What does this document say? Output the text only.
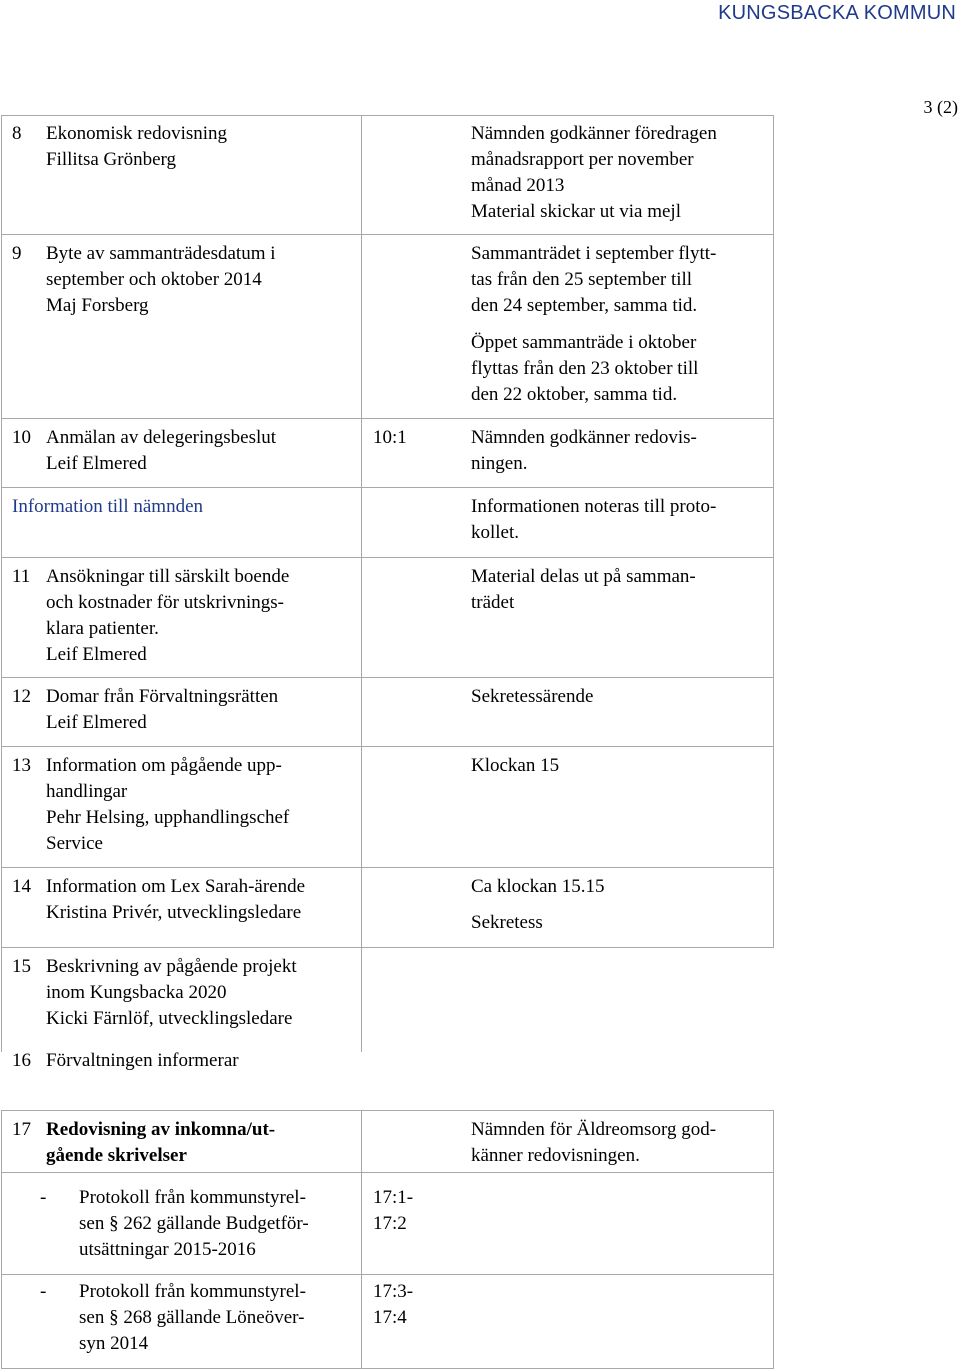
KUNGSBACKA KOMMUN
3 (2)
8 Ekonomisk redovisning
Fillitsa Grönberg
Nämnden godkänner föredragen
månadsrapport per november
månad 2013
Material skickar ut via mejl
9 Byte av sammanträdesdatum i
september och oktober 2014
Maj Forsberg
Sammanträdet i september flytt-
tas från den 25 september till
den 24 september, samma tid.
Öppet sammanträde i oktober
flyttas från den 23 oktober till
den 22 oktober, samma tid.
10 Anmälan av delegeringsbeslut
Leif Elmered
10:1	Nämnden godkänner redovis-
ningen.
Information till nämnden	Informationen noteras till proto-
kollet.
11 Ansökningar till särskilt boende
och kostnader för utskrivnings-
klara patienter.
Leif Elmered
Material delas ut på samman-
trädet
12 Domar från Förvaltningsrätten
Leif Elmered
Sekretessärende
13 Information om pågående upp-
handlingar
Pehr Helsing, upphandlingschef
Service
Klockan 15
14 Information om Lex Sarah-ärende
Kristina Privér, utvecklingsledare
Ca klockan 15.15
Sekretess
15 Beskrivning av pågående projekt
inom Kungsbacka 2020
Kicki Färnlöf, utvecklingsledare
16 Förvaltningen informerar
17 Redovisning av inkomna/ut-
gående skrivelser
Nämnden för Äldreomsorg god-
känner redovisningen.
- Protokoll från kommunstyrel-
sen § 262 gällande Budgetför-
utsättningar 2015-2016
17:1-
17:2
- Protokoll från kommunstyrel-
sen § 268 gällande Löneöver-
syn 2014
17:3-
17:4
